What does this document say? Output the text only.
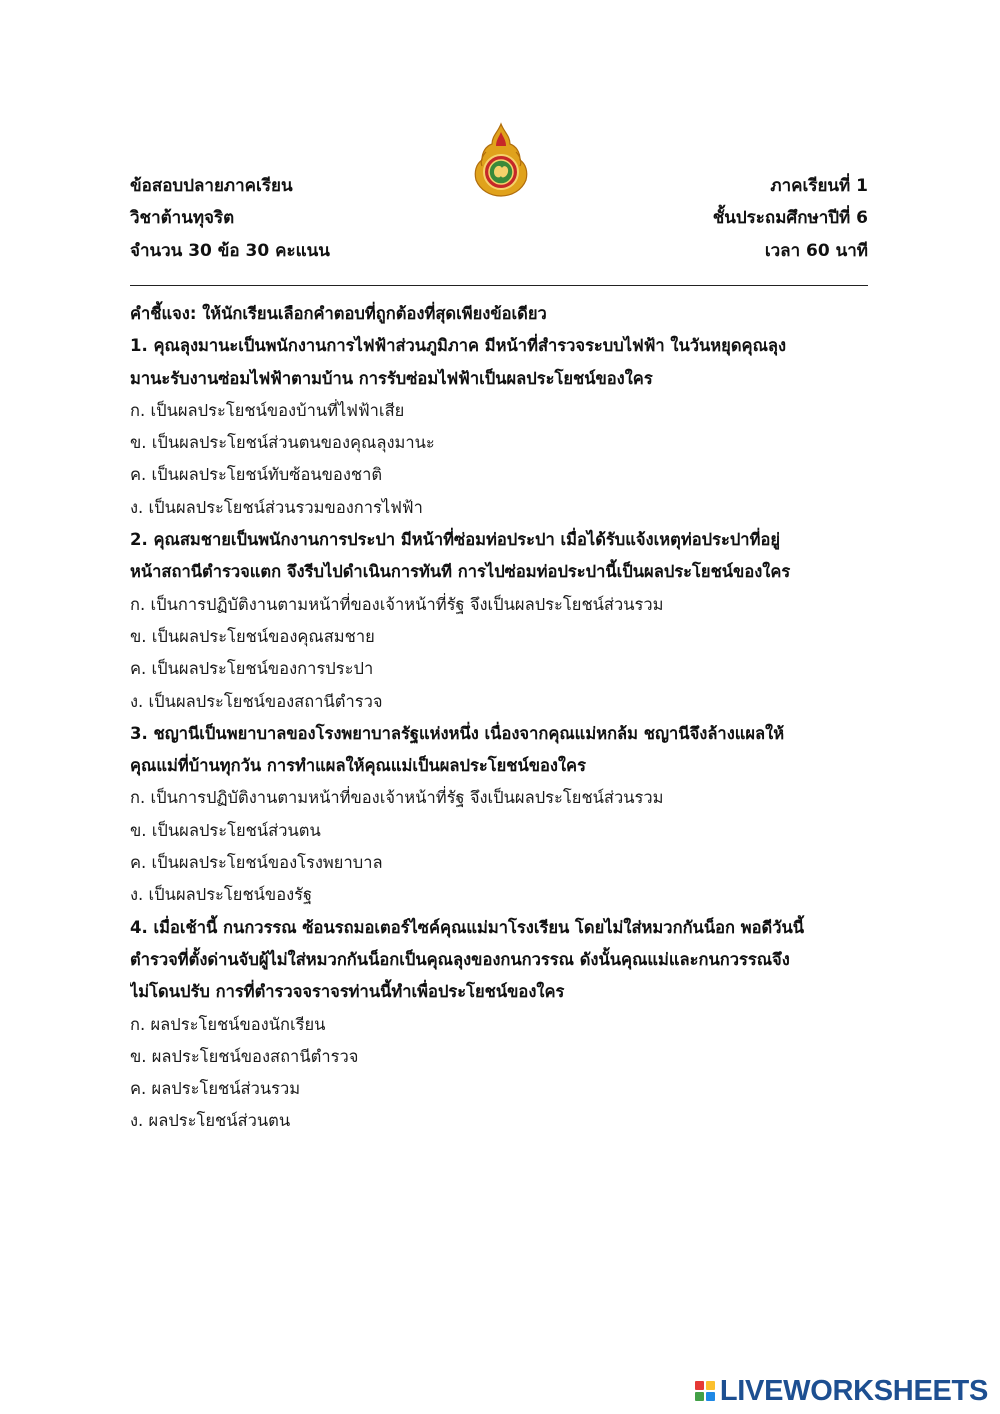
ข้อสอบปลายภาคเรียน	ภาคเรียนที่ 1
วิชาต้านทุจริต	ชั้นประถมศึกษาปีที่ 6
จำนวน 30 ข้อ 30 คะแนน	เวลา 60 นาที
คำชี้แจง: ให้นักเรียนเลือกคำตอบที่ถูกต้องที่สุดเพียงข้อเดียว
1. คุณลุงมานะเป็นพนักงานการไฟฟ้าส่วนภูมิภาค มีหน้าที่สำรวจระบบไฟฟ้า ในวันหยุดคุณลุง
มานะรับงานซ่อมไฟฟ้าตามบ้าน การรับซ่อมไฟฟ้าเป็นผลประโยชน์ของใคร
ก. เป็นผลประโยชน์ของบ้านที่ไฟฟ้าเสีย
ข. เป็นผลประโยชน์ส่วนตนของคุณลุงมานะ
ค. เป็นผลประโยชน์ทับซ้อนของชาติ
ง. เป็นผลประโยชน์ส่วนรวมของการไฟฟ้า
2. คุณสมชายเป็นพนักงานการประปา มีหน้าที่ซ่อมท่อประปา เมื่อได้รับแจ้งเหตุท่อประปาที่อยู่
หน้าสถานีตำรวจแตก จึงรีบไปดำเนินการทันที การไปซ่อมท่อประปานี้เป็นผลประโยชน์ของใคร
ก. เป็นการปฏิบัติงานตามหน้าที่ของเจ้าหน้าที่รัฐ จึงเป็นผลประโยชน์ส่วนรวม
ข. เป็นผลประโยชน์ของคุณสมชาย
ค. เป็นผลประโยชน์ของการประปา
ง. เป็นผลประโยชน์ของสถานีตำรวจ
3. ชญานีเป็นพยาบาลของโรงพยาบาลรัฐแห่งหนึ่ง เนื่องจากคุณแม่หกล้ม ชญานีจึงล้างแผลให้
คุณแม่ที่บ้านทุกวัน การทำแผลให้คุณแม่เป็นผลประโยชน์ของใคร
ก. เป็นการปฏิบัติงานตามหน้าที่ของเจ้าหน้าที่รัฐ จึงเป็นผลประโยชน์ส่วนรวม
ข. เป็นผลประโยชน์ส่วนตน
ค. เป็นผลประโยชน์ของโรงพยาบาล
ง. เป็นผลประโยชน์ของรัฐ
4. เมื่อเช้านี้ กนกวรรณ ซ้อนรถมอเตอร์ไซค์คุณแม่มาโรงเรียน โดยไม่ใส่หมวกกันน็อก พอดีวันนี้
ตำรวจที่ตั้งด่านจับผู้ไม่ใส่หมวกกันน็อกเป็นคุณลุงของกนกวรรณ ดังนั้นคุณแม่และกนกวรรณจึง
ไม่โดนปรับ การที่ตำรวจจราจรท่านนี้ทำเพื่อประโยชน์ของใคร
ก. ผลประโยชน์ของนักเรียน
ข. ผลประโยชน์ของสถานีตำรวจ
ค. ผลประโยชน์ส่วนรวม
ง. ผลประโยชน์ส่วนตน
LIVEWORKSHEETS
